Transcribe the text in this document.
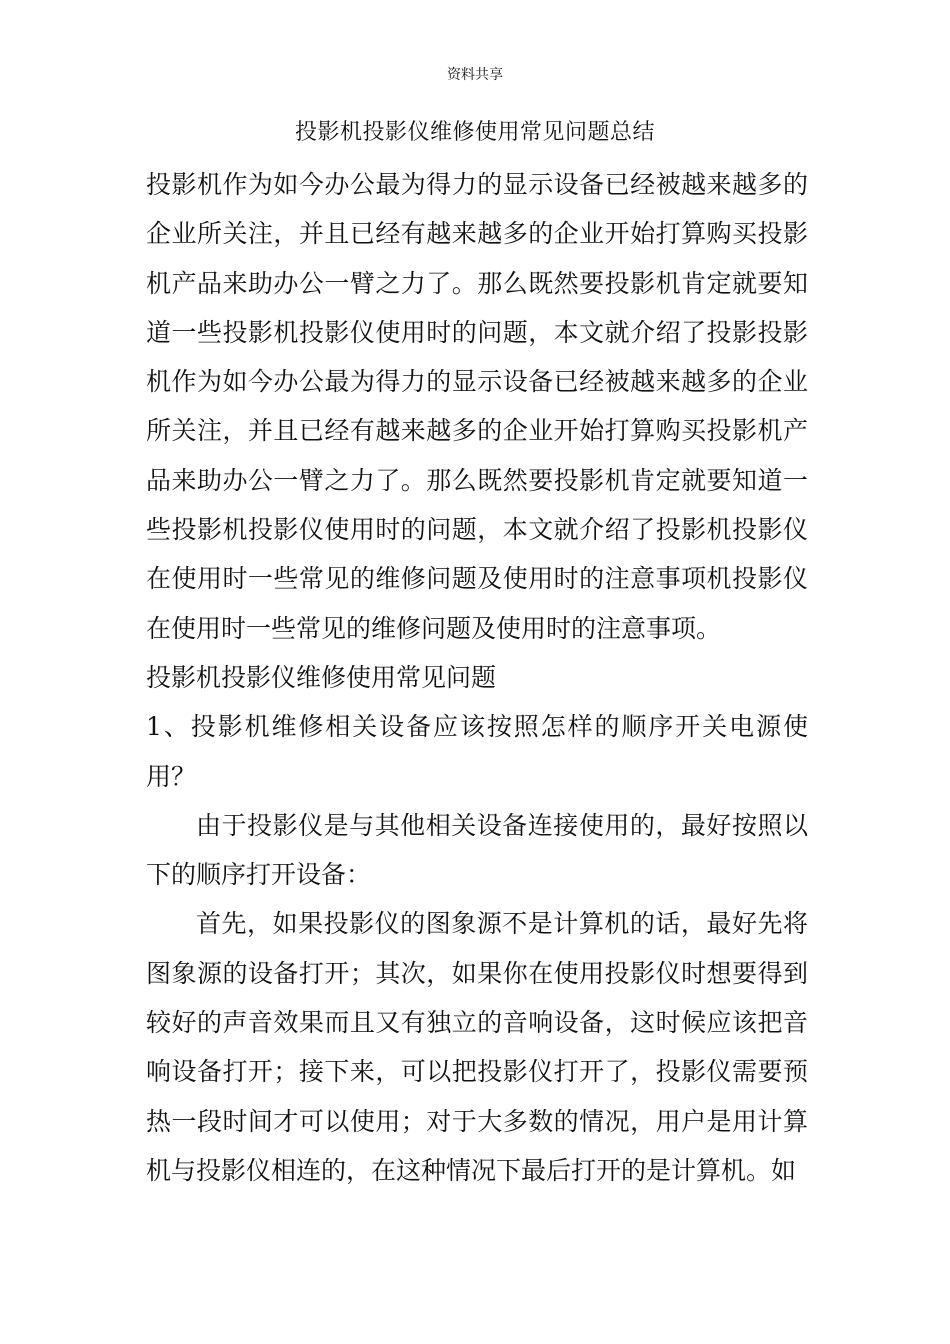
资料共享
投影机投影仪维修使用常见问题总结

投影机作为如今办公最为得力的显示设备已经被越来越多的企业所关注，并且已经有越来越多的企业开始打算购买投影机产品来助办公一臂之力了。那么既然要投影机肯定就要知道一些投影机投影仪使用时的问题，本文就介绍了投影投影机作为如今办公最为得力的显示设备已经被越来越多的企业所关注，并且已经有越来越多的企业开始打算购买投影机产品来助办公一臂之力了。那么既然要投影机肯定就要知道一些投影机投影仪使用时的问题，本文就介绍了投影机投影仪在使用时一些常见的维修问题及使用时的注意事项机投影仪在使用时一些常见的维修问题及使用时的注意事项。

投影机投影仪维修使用常见问题

1、投影机维修相关设备应该按照怎样的顺序开关电源使用？

由于投影仪是与其他相关设备连接使用的，最好按照以下的顺序打开设备：

首先，如果投影仪的图象源不是计算机的话，最好先将图象源的设备打开；其次，如果你在使用投影仪时想要得到较好的声音效果而且又有独立的音响设备，这时候应该把音响设备打开；接下来，可以把投影仪打开了，投影仪需要预热一段时间才可以使用；对于大多数的情况，用户是用计算机与投影仪相连的，在这种情况下最后打开的是计算机。如
